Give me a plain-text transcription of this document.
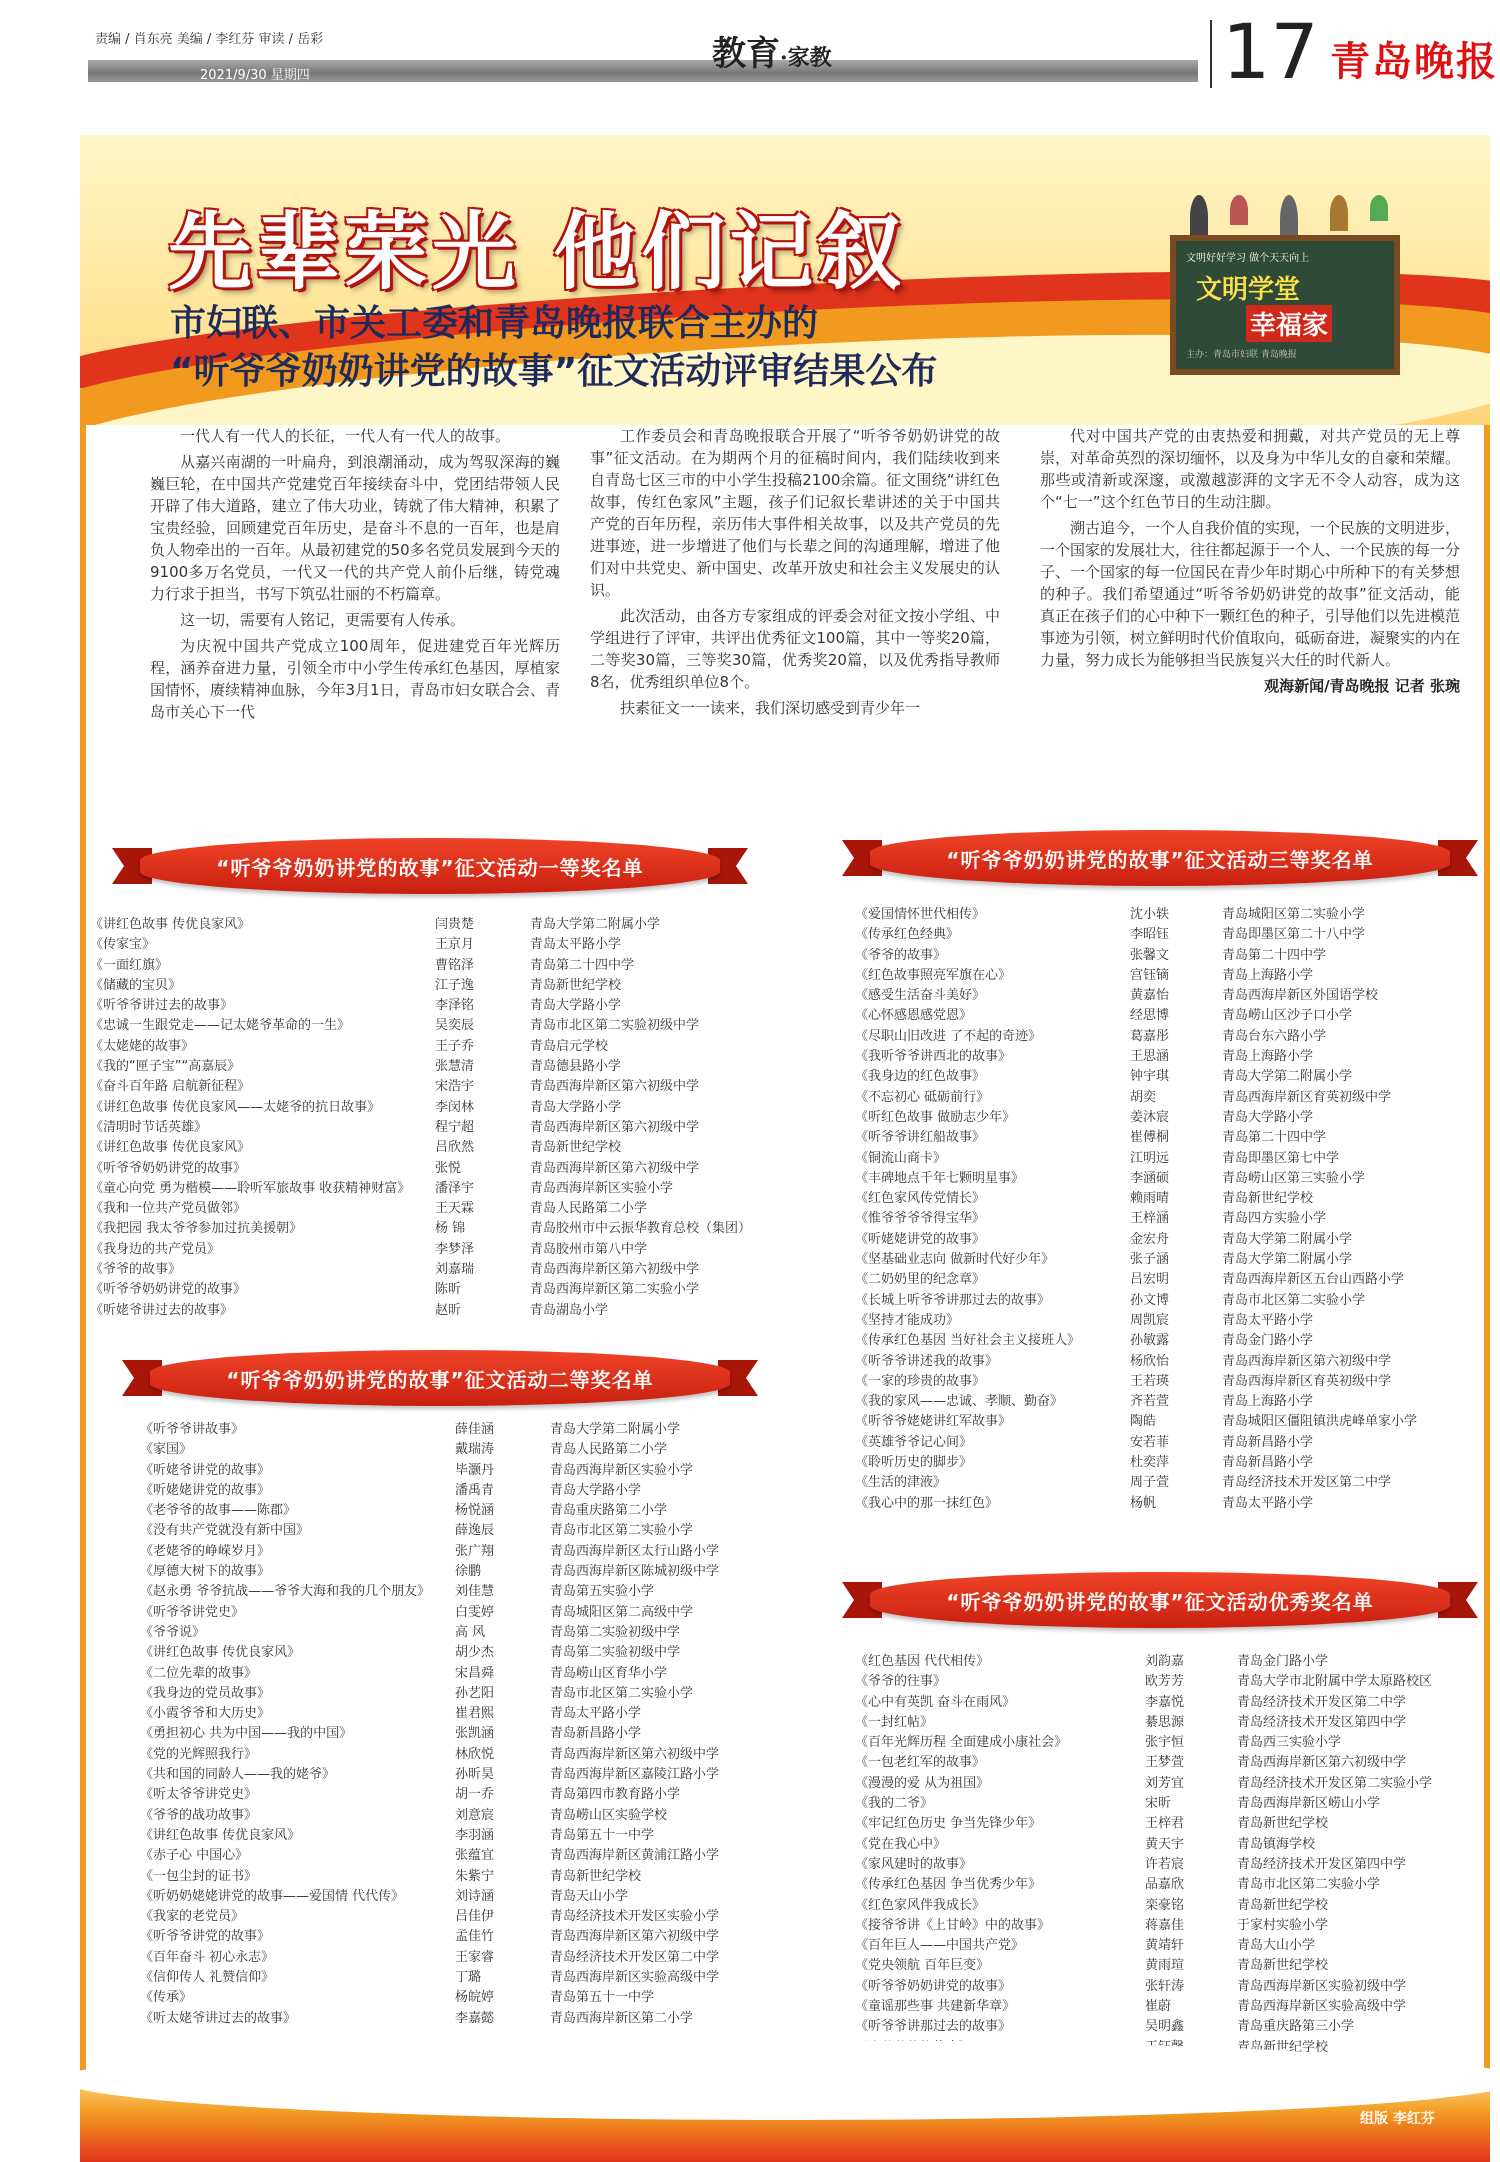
责编 / 肖东亮 美编 / 李红芬 审读 / 岳彩
2021/9/30 星期四
教育·家教	17 青岛晚报
先辈荣光 他们记叙
市妇联、市关工委和青岛晚报联合主办的
“听爷爷奶奶讲党的故事”征文活动评审结果公布
文明好好学习 做个天天向上
文明学堂
幸福家
主办：青岛市妇联 青岛晚报

一代人有一代人的长征，一代人有一代人的故事。

从嘉兴南湖的一叶扁舟，到浪潮涌动，成为驾驭深海的巍巍巨轮，在中国共产党建党百年接续奋斗中，党团结带领人民开辟了伟大道路，建立了伟大功业，铸就了伟大精神，积累了宝贵经验，回顾建党百年历史，是奋斗不息的一百年，也是肩负人物牵出的一百年。从最初建党的50多名党员发展到今天的9100多万名党员，一代又一代的共产党人前仆后继，铸党魂力行求于担当，书写下筑弘壮丽的不朽篇章。

这一切，需要有人铭记，更需要有人传承。

为庆祝中国共产党成立100周年，促进建党百年光辉历程，涵养奋进力量，引领全市中小学生传承红色基因，厚植家国情怀，赓续精神血脉，今年3月1日，青岛市妇女联合会、青岛市关心下一代

工作委员会和青岛晚报联合开展了“听爷爷奶奶讲党的故事”征文活动。在为期两个月的征稿时间内，我们陆续收到来自青岛七区三市的中小学生投稿2100余篇。征文围绕“讲红色故事，传红色家风”主题，孩子们记叙长辈讲述的关于中国共产党的百年历程，亲历伟大事件相关故事，以及共产党员的先进事迹，进一步增进了他们与长辈之间的沟通理解，增进了他们对中共党史、新中国史、改革开放史和社会主义发展史的认识。

此次活动，由各方专家组成的评委会对征文按小学组、中学组进行了评审，共评出优秀征文100篇，其中一等奖20篇，二等奖30篇，三等奖30篇，优秀奖20篇，以及优秀指导教师8名，优秀组织单位8个。

扶素征文一一读来，我们深切感受到青少年一

代对中国共产党的由衷热爱和拥戴，对共产党员的无上尊崇，对革命英烈的深切缅怀，以及身为中华儿女的自豪和荣耀。那些或清新或深邃，或激越澎湃的文字无不令人动容，成为这个“七一”这个红色节日的生动注脚。

溯古追今，一个人自我价值的实现，一个民族的文明进步，一个国家的发展壮大，往往都起源于一个人、一个民族的每一分子、一个国家的每一位国民在青少年时期心中所种下的有关梦想的种子。我们希望通过“听爷爷奶奶讲党的故事”征文活动，能真正在孩子们的心中种下一颗红色的种子，引导他们以先进模范事迹为引领，树立鲜明时代价值取向，砥砺奋进，凝聚实的内在力量，努力成长为能够担当民族复兴大任的时代新人。

观海新闻/青岛晚报 记者 张琬
“听爷爷奶奶讲党的故事”征文活动一等奖名单	“听爷爷奶奶讲党的故事”征文活动三等奖名单
“听爷爷奶奶讲党的故事”征文活动二等奖名单
“听爷爷奶奶讲党的故事”征文活动优秀奖名单
《讲红色故事 传优良家风》	闫贵楚	青岛大学第二附属小学
《传家宝》	王京月	青岛太平路小学
《一面红旗》	曹铭泽	青岛第二十四中学
《储藏的宝贝》	江子逸	青岛新世纪学校
《听爷爷讲过去的故事》	李泽铭	青岛大学路小学
《忠诚一生跟党走——记太姥爷革命的一生》	吴奕辰	青岛市北区第二实验初级中学
《太姥姥的故事》	王子乔	青岛启元学校
《我的“匣子宝”“高嘉辰》	张慧清	青岛德县路小学
《奋斗百年路 启航新征程》	宋浩宇	青岛西海岸新区第六初级中学
《讲红色故事 传优良家风——太姥爷的抗日故事》	李闵林	青岛大学路小学
《清明时节话英雄》	程宁超	青岛西海岸新区第六初级中学
《讲红色故事 传优良家风》	吕欣然	青岛新世纪学校
《听爷爷奶奶讲党的故事》	张悦	青岛西海岸新区第六初级中学
《童心向党 勇为楷模——聆听军旅故事 收获精神财富》	潘泽宇	青岛西海岸新区实验小学
《我和一位共产党员做邻》	王天霖	青岛人民路第二小学
《我把园 我太爷爷参加过抗美援朝》	杨 锦	青岛胶州市中云振华教育总校（集团）
《我身边的共产党员》	李梦泽	青岛胶州市第八中学
《爷爷的故事》	刘嘉瑞	青岛西海岸新区第六初级中学
《听爷爷奶奶讲党的故事》	陈昕	青岛西海岸新区第二实验小学
《听姥爷讲过去的故事》	赵昕	青岛湖岛小学
《听爷爷讲故事》	薛佳涵	青岛大学第二附属小学
《家国》	戴瑞涛	青岛人民路第二小学
《听姥爷讲党的故事》	毕灏丹	青岛西海岸新区实验小学
《听姥姥讲党的故事》	潘禹青	青岛大学路小学
《老爷爷的故事——陈郡》	杨悦涵	青岛重庆路第二小学
《没有共产党就没有新中国》	薛逸辰	青岛市北区第二实验小学
《老姥爷的峥嵘岁月》	张广翔	青岛西海岸新区太行山路小学
《厚德大树下的故事》	徐鹏	青岛西海岸新区陈城初级中学
《赵永勇 爷爷抗战——爷爷大海和我的几个朋友》	刘佳慧	青岛第五实验小学
《听爷爷讲党史》	白雯婷	青岛城阳区第二高级中学
《爷爷说》	高 风	青岛第二实验初级中学
《讲红色故事 传优良家风》	胡少杰	青岛第二实验初级中学
《二位先辈的故事》	宋昌舜	青岛崂山区育华小学
《我身边的党员故事》	孙艺阳	青岛市北区第二实验小学
《小霞爷爷和大历史》	崔君熙	青岛太平路小学
《勇担初心 共为中国——我的中国》	张凯涵	青岛新昌路小学
《党的光辉照我行》	林欣悦	青岛西海岸新区第六初级中学
《共和国的同龄人——我的姥爷》	孙昕昊	青岛西海岸新区嘉陵江路小学
《听太爷爷讲党史》	胡一乔	青岛第四市教育路小学
《爷爷的战功故事》	刘意宸	青岛崂山区实验学校
《讲红色故事 传优良家风》	李羽涵	青岛第五十一中学
《赤子心 中国心》	张蕴宜	青岛西海岸新区黄浦江路小学
《一包尘封的证书》	朱紫宁	青岛新世纪学校
《听奶奶姥姥讲党的故事——爱国情 代代传》	刘诗涵	青岛天山小学
《我家的老党员》	吕佳伊	青岛经济技术开发区实验小学
《听爷爷讲党的故事》	孟佳竹	青岛西海岸新区第六初级中学
《百年奋斗 初心永志》	王家睿	青岛经济技术开发区第二中学
《信仰传人 礼赞信仰》	丁璐	青岛西海岸新区实验高级中学
《传承》	杨皖婷	青岛第五十一中学
《听太姥爷讲过去的故事》	李嘉懿	青岛西海岸新区第二小学
《爱国情怀世代相传》	沈小轶	青岛城阳区第二实验小学
《传承红色经典》	李昭钰	青岛即墨区第二十八中学
《爷爷的故事》	张馨文	青岛第二十四中学
《红色故事照亮军旗在心》	宫钰镝	青岛上海路小学
《感受生活奋斗美好》	黄嘉怡	青岛西海岸新区外国语学校
《心怀感恩感党恩》	经思博	青岛崂山区沙子口小学
《尽职山旧改进 了不起的奇迹》	葛嘉彤	青岛台东六路小学
《我听爷爷讲西北的故事》	王思涵	青岛上海路小学
《我身边的红色故事》	钟宇琪	青岛大学第二附属小学
《不忘初心 砥砺前行》	胡奕	青岛西海岸新区育英初级中学
《听红色故事 做励志少年》	姜沐宸	青岛大学路小学
《听爷爷讲红船故事》	崔傅桐	青岛第二十四中学
《铜流山商卡》	江明远	青岛即墨区第七中学
《丰碑地点千年七颗明星事》	李涵硕	青岛崂山区第三实验小学
《红色家风传党情长》	赖雨晴	青岛新世纪学校
《惟爷爷爷爷得宝华》	王梓涵	青岛四方实验小学
《听姥姥讲党的故事》	金宏舟	青岛大学第二附属小学
《坚基础业志向 做新时代好少年》	张子涵	青岛大学第二附属小学
《二奶奶里的纪念章》	吕宏明	青岛西海岸新区五台山西路小学
《长城上听爷爷讲那过去的故事》	孙文博	青岛市北区第二实验小学
《坚持才能成功》	周凯宸	青岛太平路小学
《传承红色基因 当好社会主义接班人》	孙敏露	青岛金门路小学
《听爷爷讲述我的故事》	杨欣怡	青岛西海岸新区第六初级中学
《一家的珍贵的故事》	王若瑛	青岛西海岸新区育英初级中学
《我的家风——忠诚、孝顺、勤奋》	齐若萱	青岛上海路小学
《听爷爷姥姥讲红军故事》	陶皓	青岛城阳区僵阻镇洪虎峰单家小学
《英雄爷爷记心间》	安若菲	青岛新昌路小学
《聆听历史的脚步》	杜奕萍	青岛新昌路小学
《生活的津液》	周子萱	青岛经济技术开发区第二中学
《我心中的那一抹红色》	杨帆	青岛太平路小学
《红色基因 代代相传》	刘韵嘉	青岛金门路小学
《爷爷的往事》	欧芳芳	青岛大学市北附属中学太原路校区
《心中有英凯 奋斗在雨风》	李嘉悦	青岛经济技术开发区第二中学
《一封红帖》	綦思源	青岛经济技术开发区第四中学
《百年光辉历程 全面建成小康社会》	张宇恒	青岛西三实验小学
《一包老红军的故事》	王梦萱	青岛西海岸新区第六初级中学
《漫漫的爱 从为祖国》	刘芳宜	青岛经济技术开发区第二实验小学
《我的二爷》	宋昕	青岛西海岸新区崂山小学
《牢记红色历史 争当先锋少年》	王梓君	青岛新世纪学校
《党在我心中》	黄天宇	青岛镇海学校
《家风建时的故事》	许若宸	青岛经济技术开发区第四中学
《传承红色基因 争当优秀少年》	品嘉欣	青岛市北区第二实验小学
《红色家风伴我成长》	栾豪铭	青岛新世纪学校
《接爷爷讲《上甘岭》中的故事》	蒋嘉佳	于家村实验小学
《百年巨人——中国共产党》	黄靖轩	青岛大山小学
《党央领航 百年巨变》	黄雨瑄	青岛新世纪学校
《听爷爷奶奶讲党的故事》	张轩涛	青岛西海岸新区实验初级中学
《童谣那些事 共建新华章》	崔蔚	青岛西海岸新区实验高级中学
《听爷爷讲那过去的故事》	吴明鑫	青岛重庆路第三小学
青岛新世纪学校
组版 李红芬
